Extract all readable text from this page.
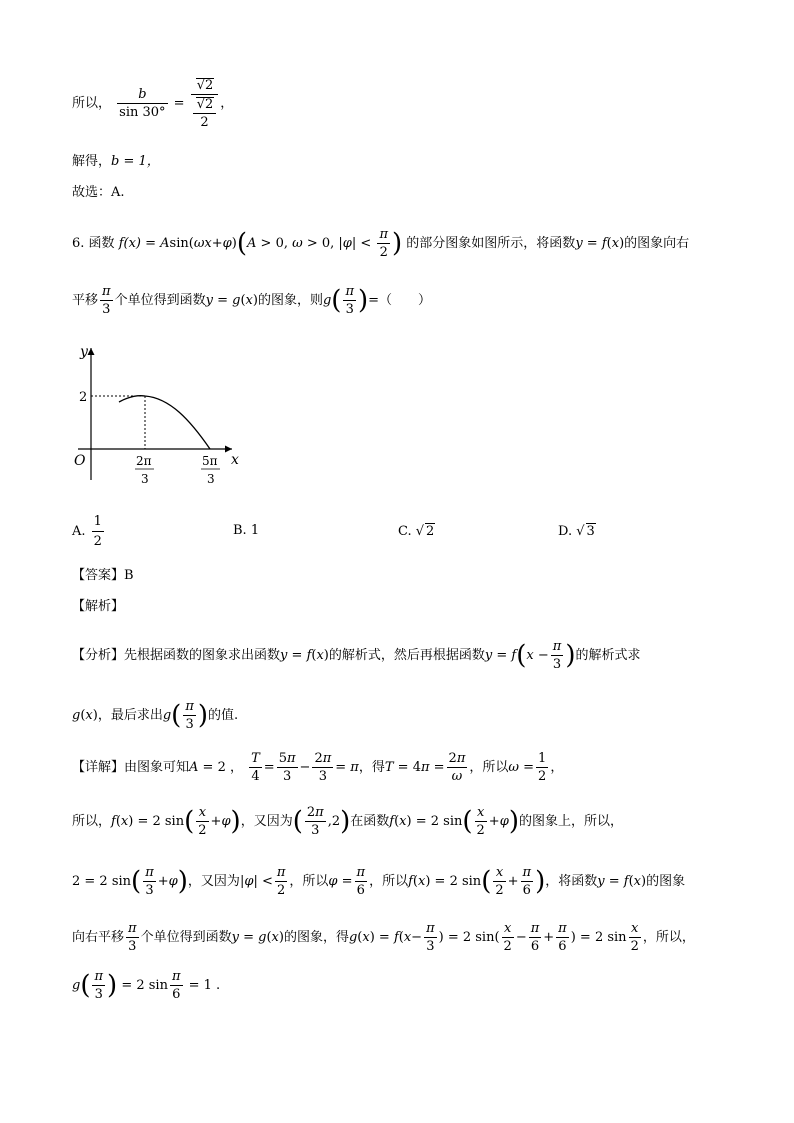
所以， $\frac{b}{\sin 30^\circ} = \frac{√2}{\frac{√2}{2}}$ ，
解得，b = 1，
故选：A.
6. 函数 f(x) = Asin(ωx+φ)(A > 0, ω > 0, $|\varphi| < \frac{\pi}{2}$ ) 的部分图象如图所示，将函数y = f(x)的图象向右
平移 $\frac{\pi}{3}$ 个单位得到函数y = g(x)的图象，则$g( \frac{\pi}{3}$ )=（　　）
y
x
O
2
2π
3
5π
3
A. $\frac{1}{2}$	B. 1	C. √ 2	D. √ 3
【答案】B
【解析】
【分析】先根据函数的图象求出函数y = f(x)的解析式，然后再根据函数$y = f(x - \frac{\pi}{3}$ )的解析式求
g(x)，最后求出$g( \frac{\pi}{3}$ )的值.
【详解】由图象可知A = 2 ， $\frac{T}{4} = \frac{5\pi}{3} - \frac{2\pi}{3} = \pi$，得$T = 4\pi = \frac{2\pi}{\omega}$ ，所以$\omega = \frac{1}{2}$ ，
所以，f(x) = 2 $\sin( \frac{x}{2} +\varphi)$，又因为( $\frac{2\pi}{3} ,2$)在函数f(x) = 2 $\sin( \frac{x}{2} +\varphi)$的图象上，所以，
2 = 2 $\sin( \frac{\pi}{3} +\varphi)$，又因为$|\varphi| < \frac{\pi}{2}$ ，所以$\varphi = \frac{\pi}{6}$ ，所以f(x) = 2 $\sin( \frac{x}{2} + \frac{\pi}{6}$ )，将函数y = f(x)的图象
向右平移 $\frac{\pi}{3}$ 个单位得到函数y = g(x)的图象，得$g(x) = f(x- \frac{\pi}{3}$ ) = 2 $\sin( \frac{x}{2} - \frac{\pi}{6} + \frac{\pi}{6}$ ) = 2 $\sin \frac{x}{2}$ ，所以，
$g( \frac{\pi}{3}$ ) = 2 $\sin \frac{\pi}{6} = 1$ .
